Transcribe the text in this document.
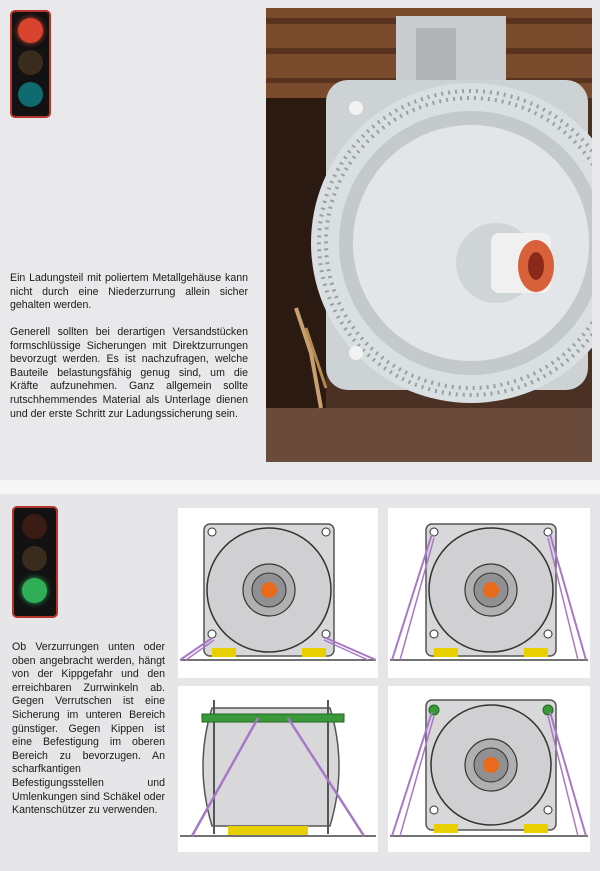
Ein Ladungsteil mit poliertem Metallgehäuse kann nicht durch eine Niederzurrung allein sicher gehalten werden.

Generell sollten bei derartigen Versandstücken formschlüssige Sicherungen mit Direktzurrungen bevorzugt werden. Es ist nachzufragen, welche Bauteile belastungsfähig genug sind, um die Kräfte aufzunehmen. Ganz allgemein sollte rutschhemmendes Material als Unterlage dienen und der erste Schritt zur Ladungssicherung sein.

Ob Verzurrungen unten oder oben angebracht werden, hängt von der Kippgefahr und den erreichbaren Zurrwinkeln ab. Gegen Verrutschen ist eine Sicherung im unteren Bereich günstiger. Gegen Kippen ist eine Befestigung im oberen Bereich zu bevorzugen. An scharfkantigen Befestigungsstellen und Umlenkungen sind Schäkel oder Kantenschützer zu verwenden.
